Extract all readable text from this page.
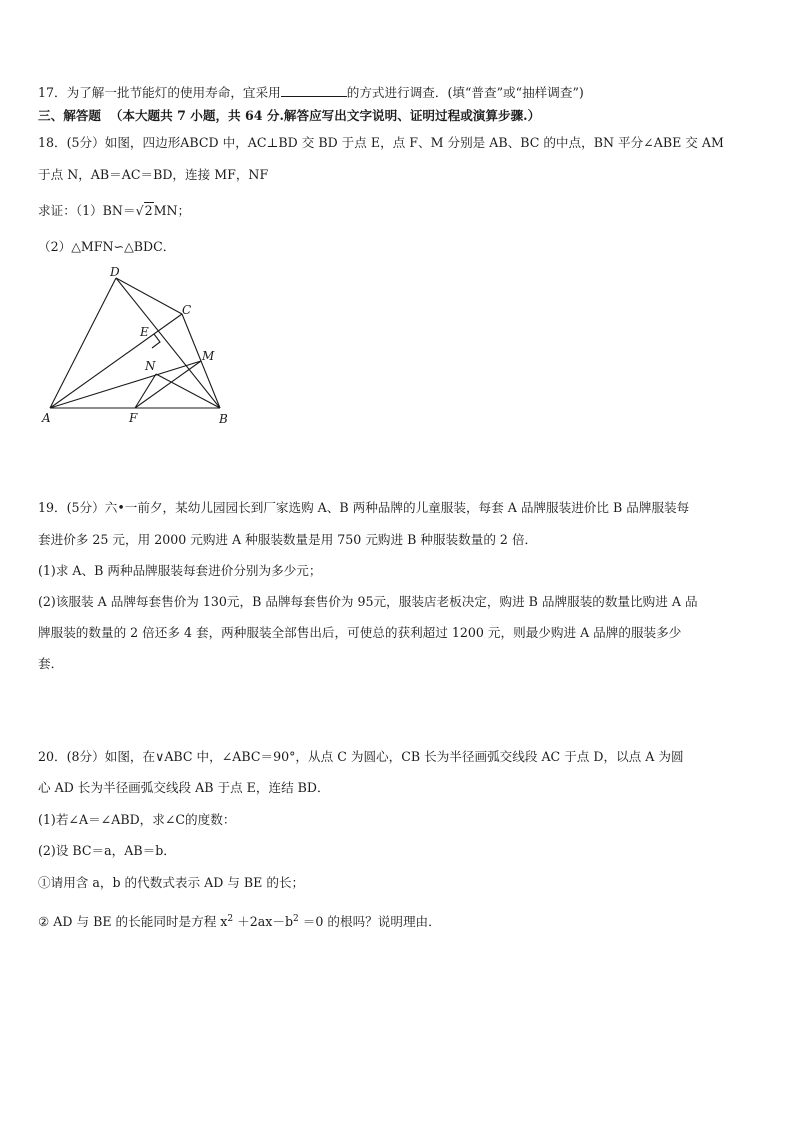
17．为了解一批节能灯的使用寿命，宜采用	的方式进行调查．(填“普查”或“抽样调查”)
三、解答题 （本大题共 7 小题，共 64 分.解答应写出文字说明、证明过程或演算步骤.）
18．(5分）如图，四边形ABCD 中，AC⊥BD 交 BD 于点 E，点 F、M 分别是 AB、BC 的中点，BN 平分∠ABE 交 AM
于点 N，AB＝AC＝BD，连接 MF，NF
求证：（1）BN＝√2MN；
（2）△MFN∽△BDC．
D
C
E
M
N
A	F	B
19．(5分）六•一前夕，某幼儿园园长到厂家选购 A、B 两种品牌的儿童服装，每套 A 品牌服装进价比 B 品牌服装每
套进价多 25 元，用 2000 元购进 A 种服装数量是用 750 元购进 B 种服装数量的 2 倍．
(1)求 A、B 两种品牌服装每套进价分别为多少元；
(2)该服装 A 品牌每套售价为 130元，B 品牌每套售价为 95元，服装店老板决定，购进 B 品牌服装的数量比购进 A 品
牌服装的数量的 2 倍还多 4 套，两种服装全部售出后，可使总的获利超过 1200 元，则最少购进 A 品牌的服装多少
套．
20．(8分）如图，在∨ABC 中，∠ABC＝90°，从点 C 为圆心，CB 长为半径画弧交线段 AC 于点 D，以点 A 为圆
心 AD 长为半径画弧交线段 AB 于点 E，连结 BD．
(1)若∠A＝∠ABD，求∠C的度数：
(2)设 BC＝a，AB＝b．
①请用含 a，b 的代数式表示 AD 与 BE 的长；
② AD 与 BE 的长能同时是方程 $x^2 +2ax-b^2 =0$ 的根吗？说明理由．
